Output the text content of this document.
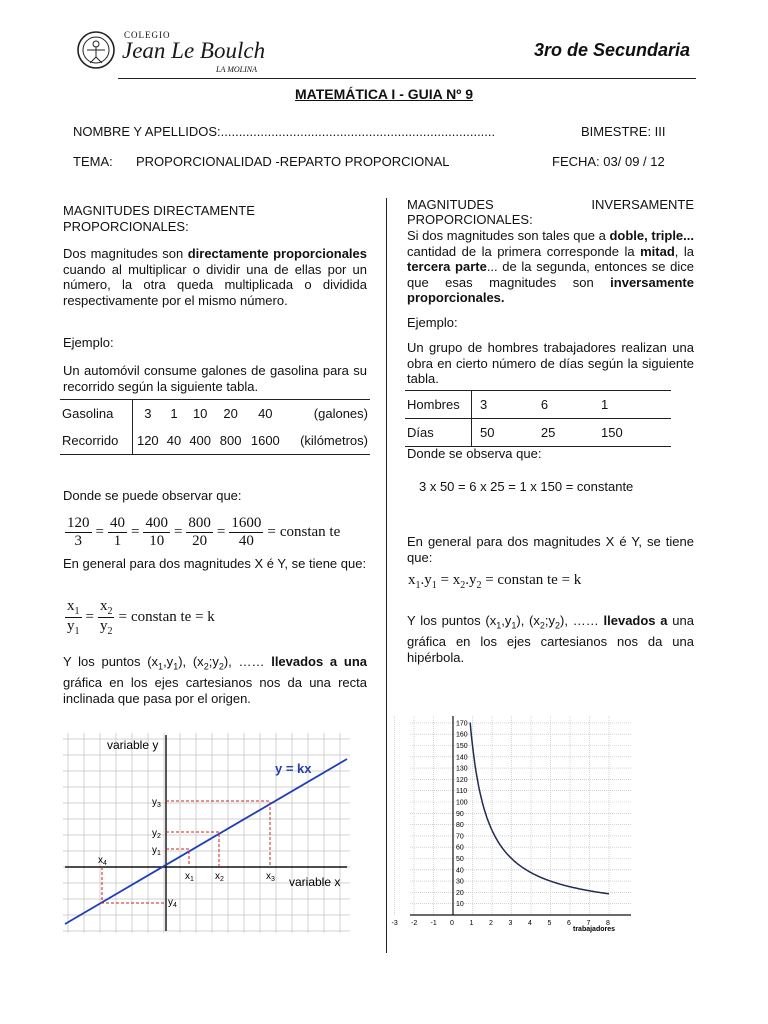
COLEGIO
Jean Le Boulch
LA MOLINA
3ro de Secundaria
MATEMÁTICA I - GUIA Nº 9
NOMBRE Y APELLIDOS:............................................................................	BIMESTRE: III
TEMA: PROPORCIONALIDAD -REPARTO PROPORCIONAL	FECHA: 03/ 09 / 12
MAGNITUDES DIRECTAMENTE PROPORCIONALES:
Dos magnitudes son directamente proporcionales cuando al multiplicar o dividir una de ellas por un número, la otra queda multiplicada o dividida respectivamente por el mismo número.
Ejemplo:
Un automóvil consume galones de gasolina para su recorrido según la siguiente tabla.
Gasolina	3	1	10	20	40	(galones)
Recorrido	120	40	400	800	1600	(kilómetros)
Donde se puede observar que:
$\frac{120}{3} = \frac{40}{1} = \frac{400}{10} = \frac{800}{20} = \frac{1600}{40}$ = constan te
En general para dos magnitudes X é Y, se tiene que:
$\frac{x_1}{y_1} = \frac{x_2}{y_2}$ = constan te = k
Y los puntos $(x_1,y_1)$, $(x_2;y_2)$, …… llevados a una gráfica en los ejes cartesianos nos da una recta inclinada que pasa por el origen.
variable y
variable x
y = kx
$y_3$
$y_2$
$y_1$
$y_4$
$x_1$ $x_2$	$x_3$
$x_4$
MAGNITUDES	INVERSAMENTE
PROPORCIONALES:
Si dos magnitudes son tales que a doble, triple... cantidad de la primera corresponde la mitad, la tercera parte... de la segunda, entonces se dice que esas magnitudes son inversamente proporcionales.
Ejemplo:
Un grupo de hombres trabajadores realizan una obra en cierto número de días según la siguiente tabla.
Hombres	3	6	1
Días	50	25	150
Donde se observa que:
3 x 50 = 6 x 25 = 1 x 150 = constante
En general para dos magnitudes X é Y, se tiene que:
$x_1.y_1 = x_2.y_2$ = constan te = k
Y los puntos $(x_1,y_1)$, $(x_2;y_2)$, …… llevados a una gráfica en los ejes cartesianos nos da una hipérbola.
170
160
150
140
130
120
110
100
90
80
70
60
50
40
30
20
10
-3 -2 -1 0 1 2 3 4 5 6 7 8
trabajadores
